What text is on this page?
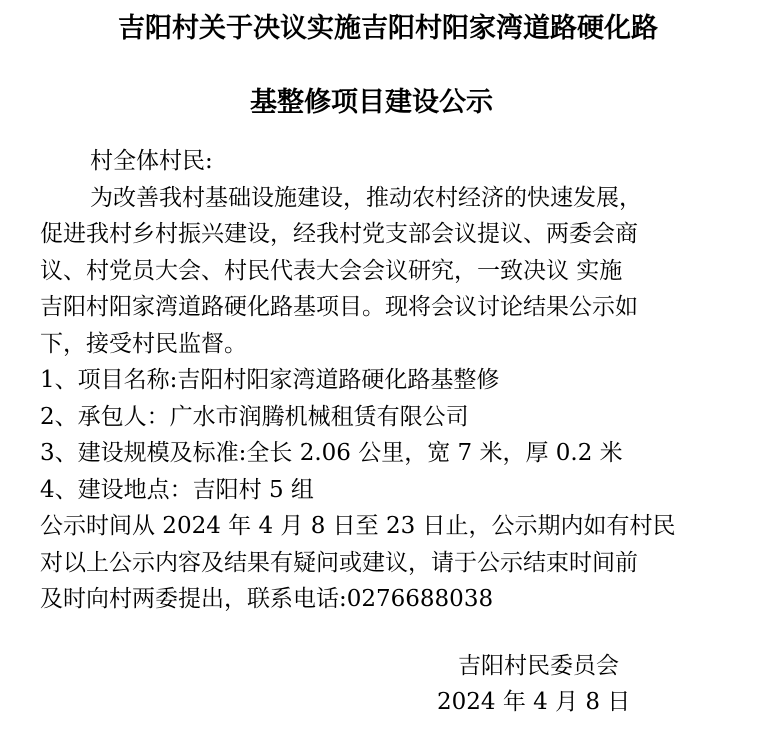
吉阳村关于决议实施吉阳村阳家湾道路硬化路
基整修项目建设公示
村全体村民:
为改善我村基础设施建设，推动农村经济的快速发展，
促进我村乡村振兴建设，经我村党支部会议提议、两委会商
议、村党员大会、村民代表大会会议研究，一致决议 实施
吉阳村阳家湾道路硬化路基项目。现将会议讨论结果公示如
下，接受村民监督。
1、项目名称:吉阳村阳家湾道路硬化路基整修
2、承包人：广水市润腾机械租赁有限公司
3、建设规模及标准:全长 2.06 公里，宽 7 米，厚 0.2 米
4、建设地点：吉阳村 5 组
公示时间从 2024 年 4 月 8 日至 23 日止，公示期内如有村民
对以上公示内容及结果有疑问或建议，请于公示结束时间前
及时向村两委提出，联系电话:0276688038
吉阳村民委员会
2024 年 4 月 8 日
